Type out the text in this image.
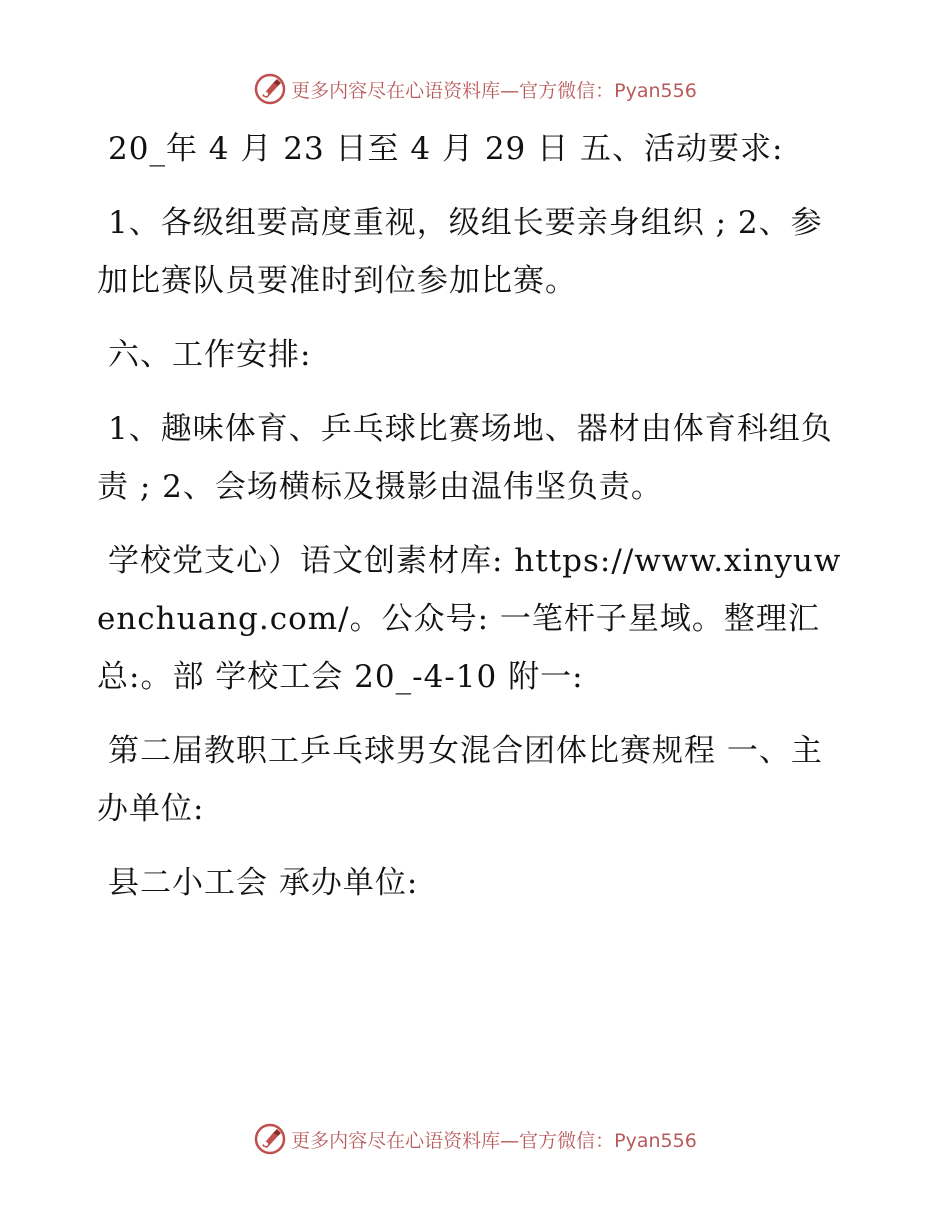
更多内容尽在心语资料库—官方微信：Pyan556

20_年 4 月 23 日至 4 月 29 日 五、活动要求:

1、各级组要高度重视，级组长要亲身组织 ; 2、参加比赛队员要准时到位参加比赛。

六、工作安排:

1、趣味体育、乒乓球比赛场地、器材由体育科组负责 ; 2、会场横标及摄影由温伟坚负责。

学校党支心）语文创素材库: https://www.xinyuwenchuang.com/。公众号: 一笔杆子星域。整理汇总:。部 学校工会 20_-4-10 附一:

第二届教职工乒乓球男女混合团体比赛规程 一、主办单位:

县二小工会 承办单位:

更多内容尽在心语资料库—官方微信：Pyan556
